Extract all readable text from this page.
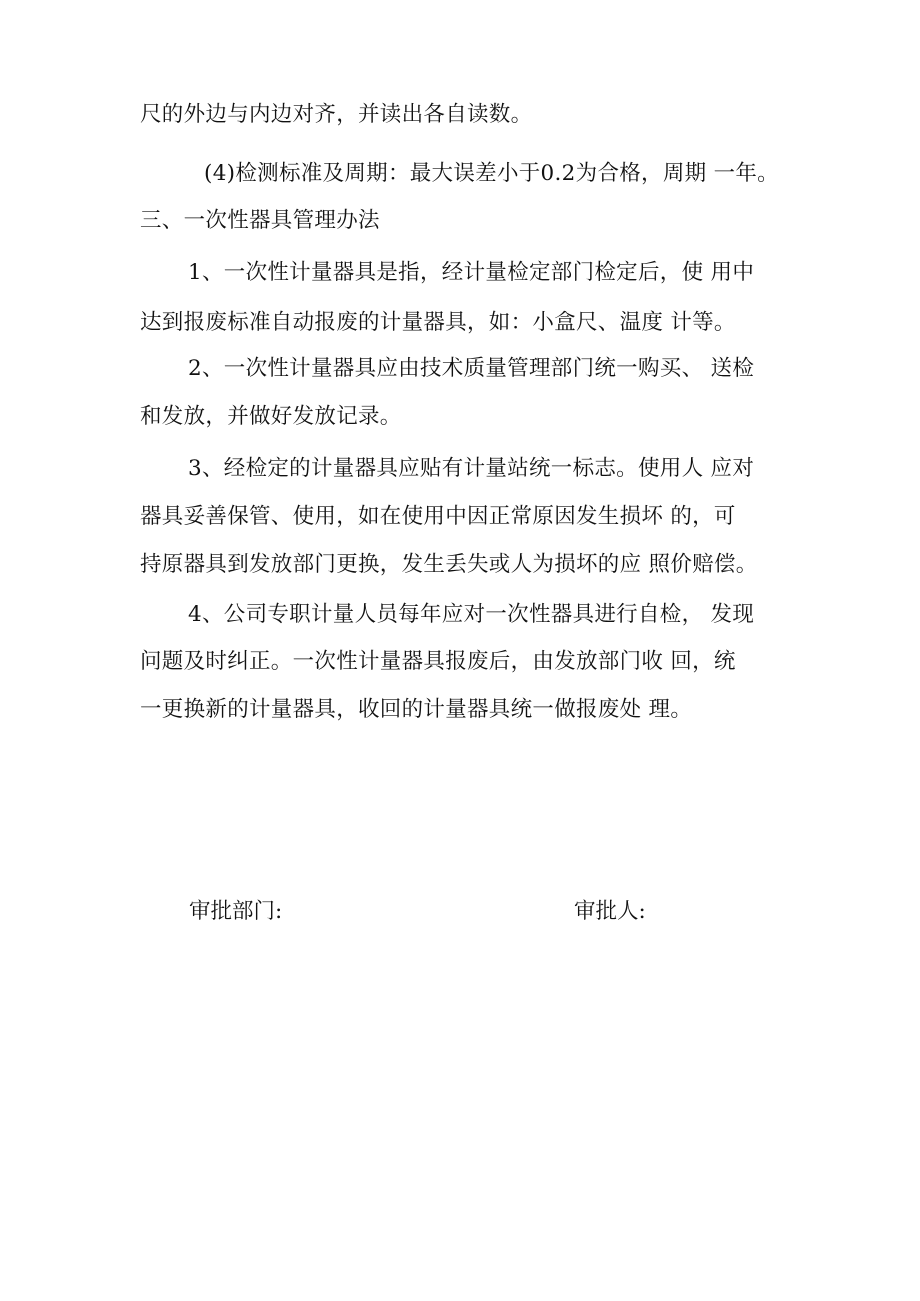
尺的外边与内边对齐，并读出各自读数。
(4)检测标准及周期：最大误差小于0.2为合格，周期 一年。
三、一次性器具管理办法
1、一次性计量器具是指，经计量检定部门检定后，使 用中
达到报废标准自动报废的计量器具，如：小盒尺、温度 计等。
2、一次性计量器具应由技术质量管理部门统一购买、 送检
和发放，并做好发放记录。
3、经检定的计量器具应贴有计量站统一标志。使用人 应对
器具妥善保管、使用，如在使用中因正常原因发生损坏 的，可
持原器具到发放部门更换，发生丢失或人为损坏的应 照价赔偿。
4、公司专职计量人员每年应对一次性器具进行自检， 发现
问题及时纠正。一次性计量器具报废后，由发放部门收 回，统
一更换新的计量器具，收回的计量器具统一做报废处 理。
审批部门:	审批人:
